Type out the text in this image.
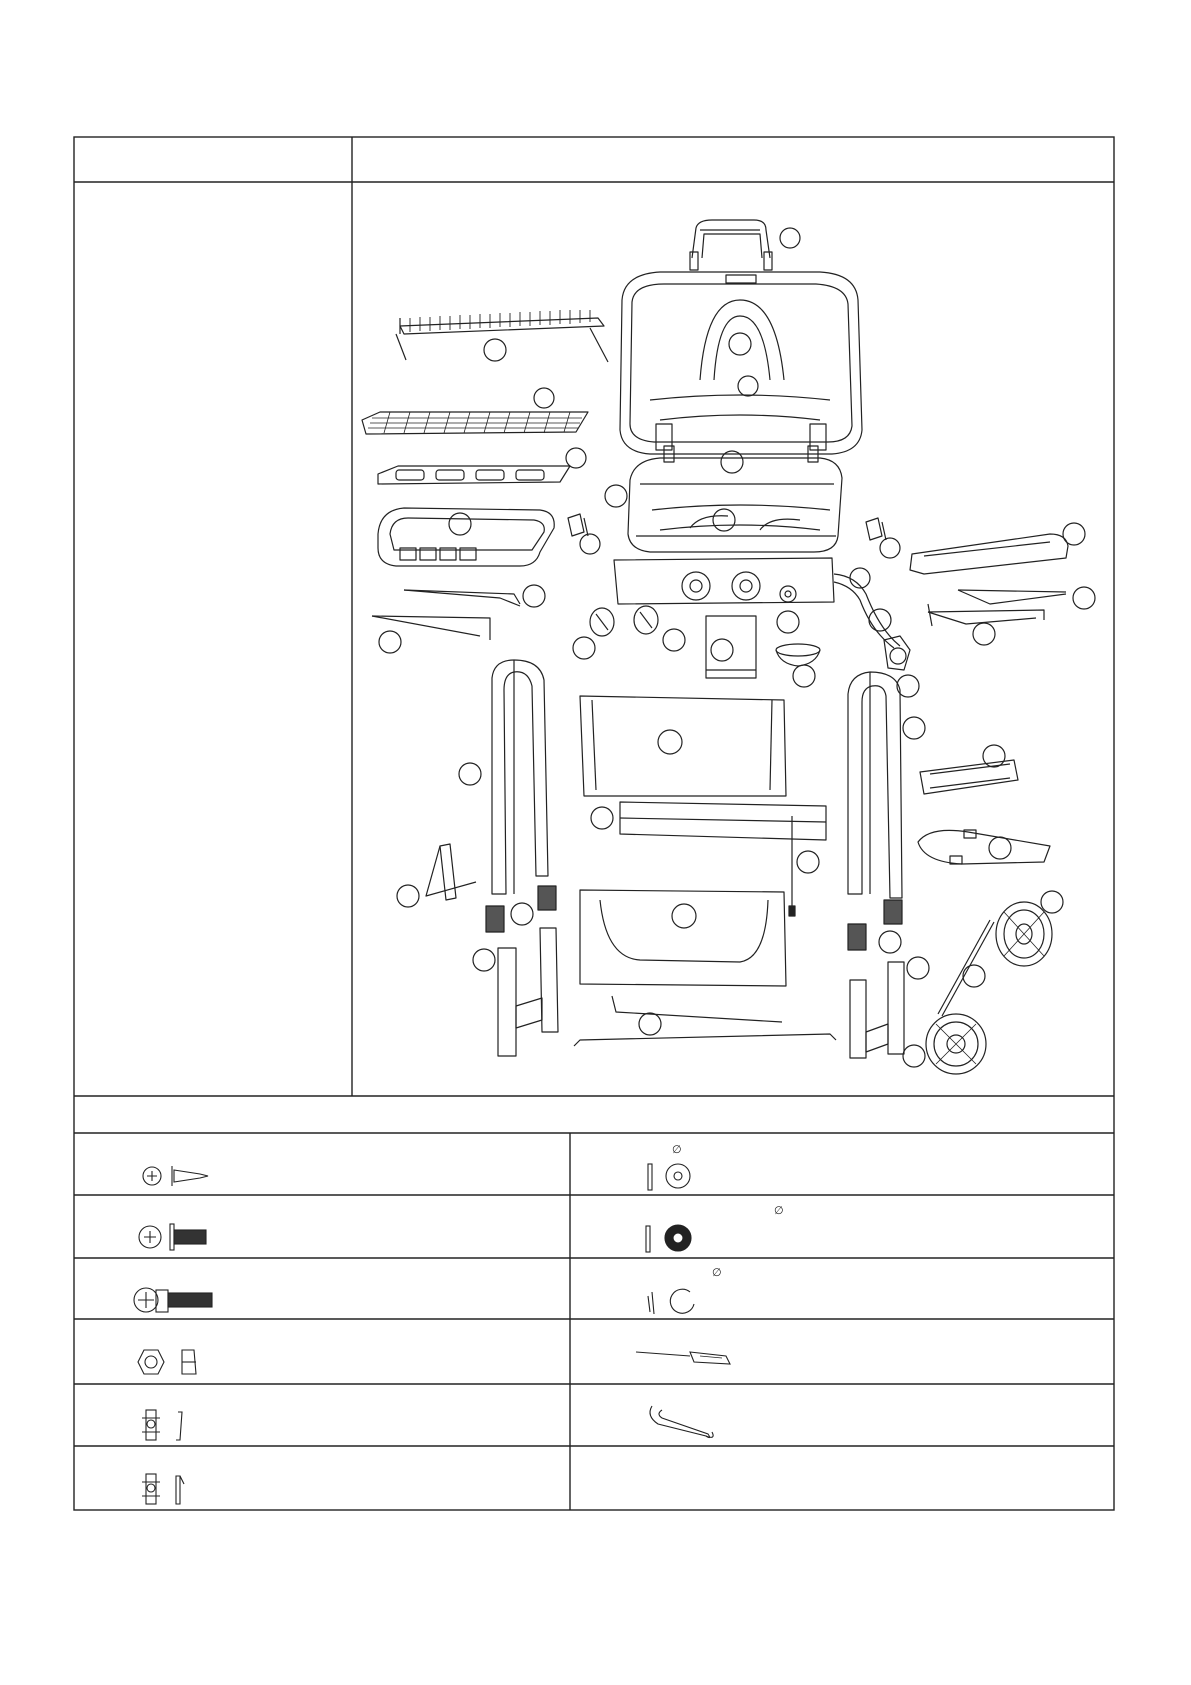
∅
∅
∅
